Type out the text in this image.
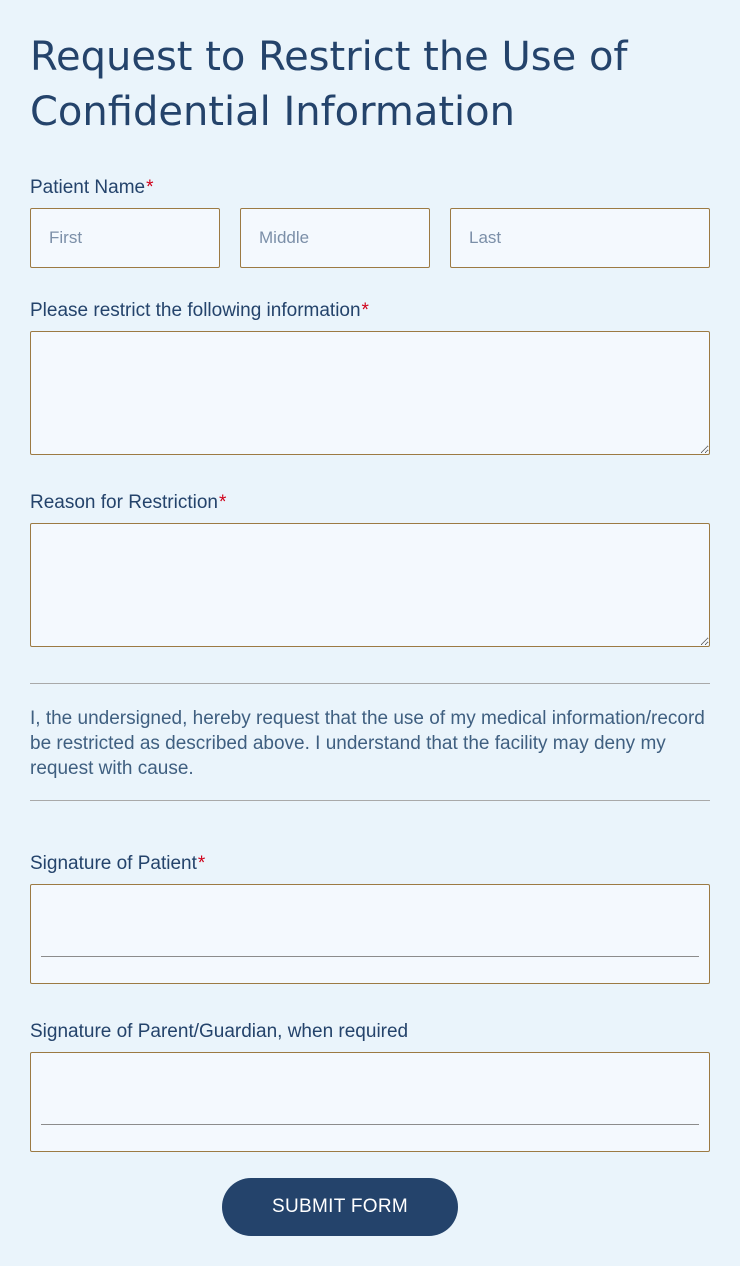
Request to Restrict the Use of Confidential Information
Patient Name*
First
Middle
Last
Please restrict the following information*
Reason for Restriction*

I, the undersigned, hereby request that the use of my medical information/record be restricted as described above. I understand that the facility may deny my request with cause.

Signature of Patient*
Signature of Parent/Guardian, when required
SUBMIT FORM
